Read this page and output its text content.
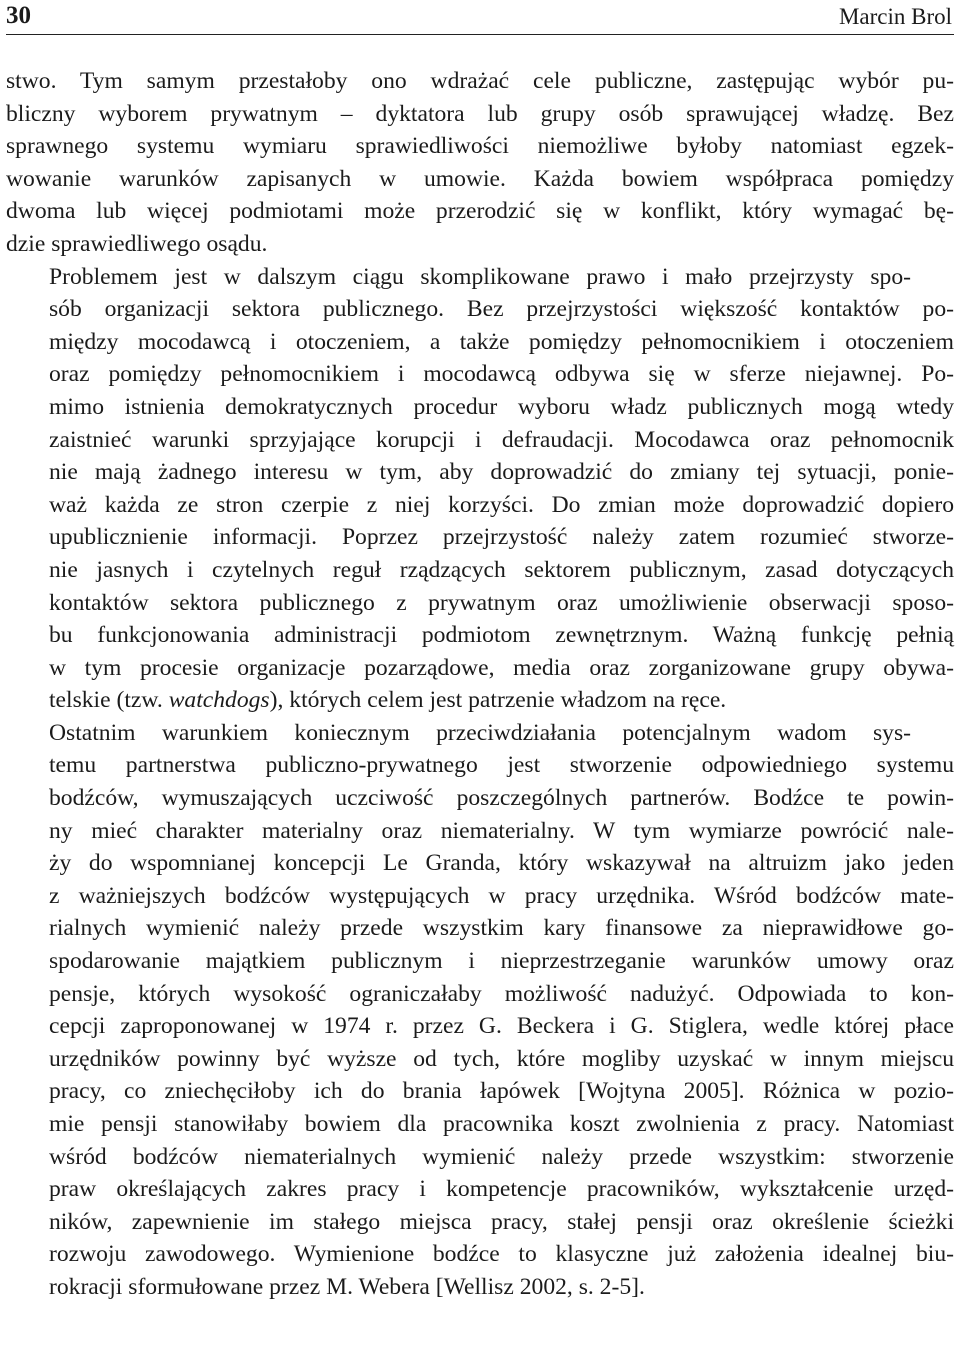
30	Marcin Brol

stwo. Tym samym przestałoby ono wdrażać cele publiczne, zastępując wybór pu-
bliczny wyborem prywatnym – dyktatora lub grupy osób sprawującej władzę. Bez
sprawnego systemu wymiaru sprawiedliwości niemożliwe byłoby natomiast egzek-
wowanie warunków zapisanych w umowie. Każda bowiem współpraca pomiędzy
dwoma lub więcej podmiotami może przerodzić się w konflikt, który wymagać bę-
dzie sprawiedliwego osądu.

Problemem jest w dalszym ciągu skomplikowane prawo i mało przejrzysty spo-
sób organizacji sektora publicznego. Bez przejrzystości większość kontaktów po-
między mocodawcą i otoczeniem, a także pomiędzy pełnomocnikiem i otoczeniem
oraz pomiędzy pełnomocnikiem i mocodawcą odbywa się w sferze niejawnej. Po-
mimo istnienia demokratycznych procedur wyboru władz publicznych mogą wtedy
zaistnieć warunki sprzyjające korupcji i defraudacji. Mocodawca oraz pełnomocnik
nie mają żadnego interesu w tym, aby doprowadzić do zmiany tej sytuacji, ponie-
waż każda ze stron czerpie z niej korzyści. Do zmian może doprowadzić dopiero
upublicznienie informacji. Poprzez przejrzystość należy zatem rozumieć stworze-
nie jasnych i czytelnych reguł rządzących sektorem publicznym, zasad dotyczących
kontaktów sektora publicznego z prywatnym oraz umożliwienie obserwacji sposo-
bu funkcjonowania administracji podmiotom zewnętrznym. Ważną funkcję pełnią
w tym procesie organizacje pozarządowe, media oraz zorganizowane grupy obywa-
telskie (tzw. watchdogs), których celem jest patrzenie władzom na ręce.

Ostatnim warunkiem koniecznym przeciwdziałania potencjalnym wadom sys-
temu partnerstwa publiczno-prywatnego jest stworzenie odpowiedniego systemu
bodźców, wymuszających uczciwość poszczególnych partnerów. Bodźce te powin-
ny mieć charakter materialny oraz niematerialny. W tym wymiarze powrócić nale-
ży do wspomnianej koncepcji Le Granda, który wskazywał na altruizm jako jeden
z ważniejszych bodźców występujących w pracy urzędnika. Wśród bodźców mate-
rialnych wymienić należy przede wszystkim kary finansowe za nieprawidłowe go-
spodarowanie majątkiem publicznym i nieprzestrzeganie warunków umowy oraz
pensje, których wysokość ograniczałaby możliwość nadużyć. Odpowiada to kon-
cepcji zaproponowanej w 1974 r. przez G. Beckera i G. Stiglera, wedle której płace
urzędników powinny być wyższe od tych, które mogliby uzyskać w innym miejscu
pracy, co zniechęciłoby ich do brania łapówek [Wojtyna 2005]. Różnica w pozio-
mie pensji stanowiłaby bowiem dla pracownika koszt zwolnienia z pracy. Natomiast
wśród bodźców niematerialnych wymienić należy przede wszystkim: stworzenie
praw określających zakres pracy i kompetencje pracowników, wykształcenie urzęd-
ników, zapewnienie im stałego miejsca pracy, stałej pensji oraz określenie ścieżki
rozwoju zawodowego. Wymienione bodźce to klasyczne już założenia idealnej biu-
rokracji sformułowane przez M. Webera [Wellisz 2002, s. 2-5].
